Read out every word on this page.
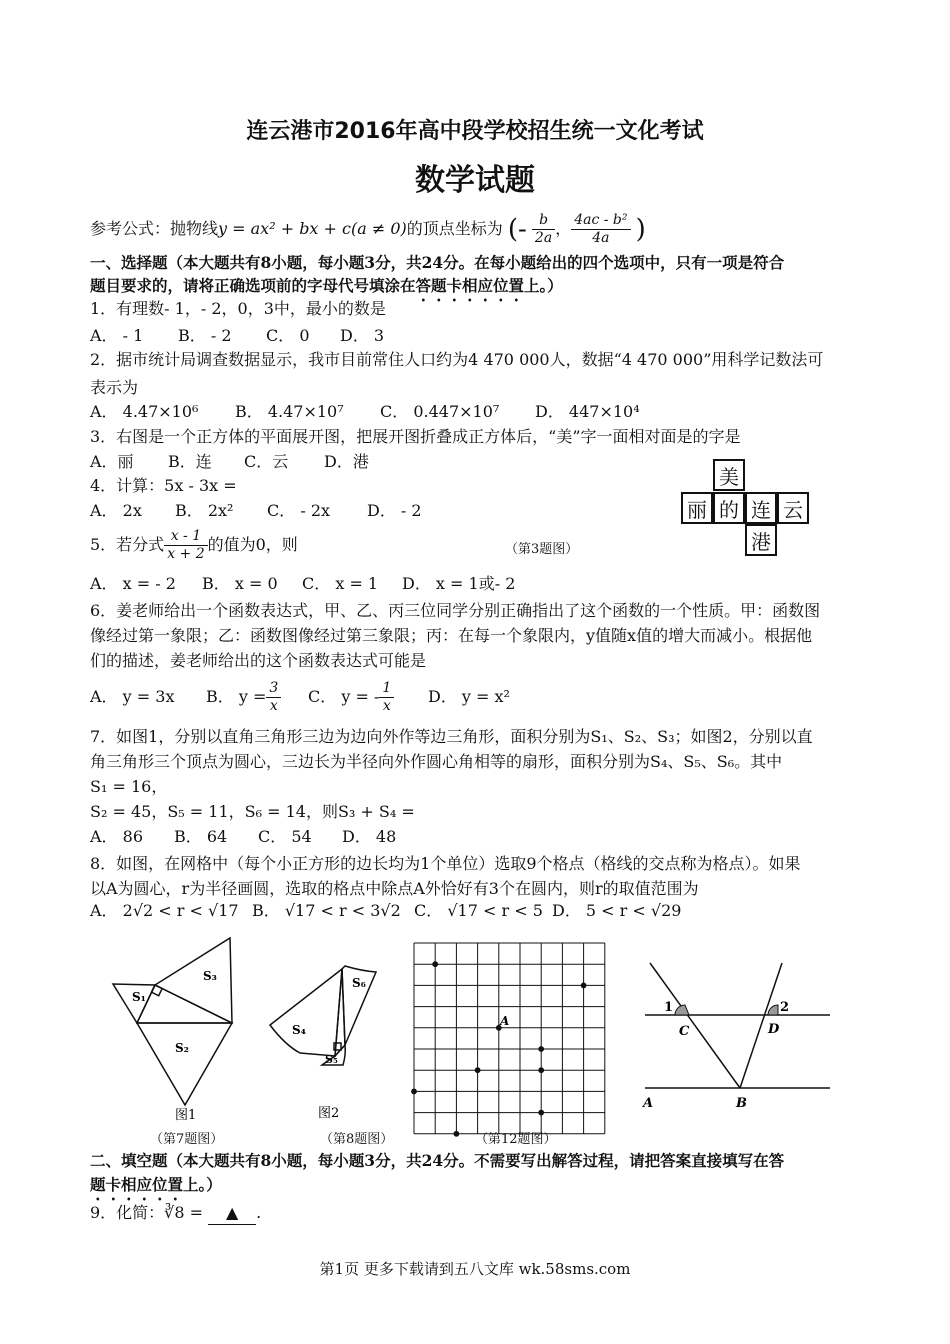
连云港市2016年高中段学校招生统一文化考试
数学试题
参考公式：抛物线y = ax² + bx + c(a ≠ 0)的顶点坐标为 (- $\frac{b}{2a}$ ， $\frac{\text{4ac - b²}}{4a}$ )
一、选择题（本大题共有8小题，每小题3分，共24分。在每小题给出的四个选项中，只有一项是符合
题目要求的，请将正确选项前的字母代号填涂在答题卡相应位置上。）
1．有理数- 1，- 2，0，3中，最小的数是
A． - 1 B． - 2 C． 0 D． 3
2．据市统计局调查数据显示，我市目前常住人口约为4 470 000人，数据“4 470 000”用科学记数法可
表示为
A． 4.47×10⁶ B． 4.47×10⁷ C． 0.447×10⁷ D． 447×10⁴
3．右图是一个正方体的平面展开图，把展开图折叠成正方体后，“美”字一面相对面是的字是
A．丽 B．连 C．云 D．港
4．计算：5x - 3x =
A． 2x B． 2x² C． - 2x D． - 2
5．若分式 $\frac{x - 1}{x + 2}$ 的值为0，则
A． x = - 2 B． x = 0 C． x = 1 D． x = 1或- 2
美
丽 的 连 云
港
（第3题图）
6．姜老师给出一个函数表达式，甲、乙、丙三位同学分别正确指出了这个函数的一个性质。甲：函数图
像经过第一象限；乙：函数图像经过第三象限；丙：在每一个象限内，y值随x值的增大而减小。根据他
们的描述，姜老师给出的这个函数表达式可能是
A． y = 3x B． $y = \frac{3}{x}$ C． y = - $\frac{1}{x}$ D． y = x²
7．如图1，分别以直角三角形三边为边向外作等边三角形，面积分别为S₁、S₂、S₃；如图2，分别以直
角三角形三个顶点为圆心，三边长为半径向外作圆心角相等的扇形，面积分别为S₄、S₅、S₆。其中
S₁ = 16，
S₂ = 45，S₅ = 11，S₆ = 14，则S₃ + S₄ =
A． 86 B． 64 C． 54 D． 48
8．如图，在网格中（每个小正方形的边长均为1个单位）选取9个格点（格线的交点称为格点）。如果
以A为圆心，r为半径画圆，选取的格点中除点A外恰好有3个在圆内，则r的取值范围为
A． 2√2 < r < √17 B． √17 < r < 3√2 C． √17 < r < 5 D． 5 < r < √29
S₁
S₂
S₃
图1
S₆
S₄
S₅
图2
A
1	2
C	D
A	B
（第7题图）	（第8题图）	（第12题图）
二、填空题（本大题共有8小题，每小题3分，共24分。不需要写出解答过程，请把答案直接填写在答
题卡相应位置上。）
9．化简：∛8 = ▲ .
第1页 更多下载请到五八文库 wk.58sms.com
